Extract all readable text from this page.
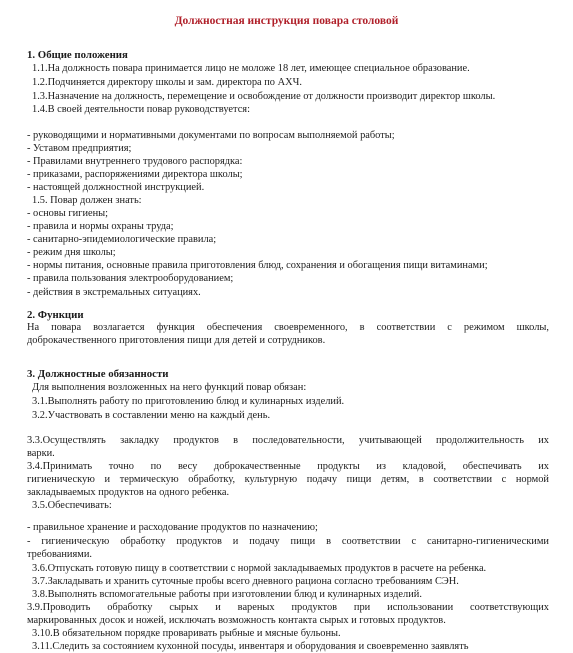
Должностная инструкция повара столовой
1. Общие положения
1.1.На должность повара принимается лицо не моложе 18 лет, имеющее специальное образование.
1.2.Подчиняется директору школы и зам. директора по АХЧ.
1.3.Назначение на должность, перемещение и освобождение от должности производит директор школы.
1.4.В своей деятельности повар руководствуется:
- руководящими и нормативными документами по вопросам выполняемой работы;
- Уставом предприятия;
- Правилами внутреннего трудового распорядка:
- приказами, распоряжениями директора школы;
- настоящей должностной инструкцией.
1.5. Повар должен знать:
- основы гигиены;
- правила и нормы охраны труда;
- санитарно-эпидемиологические правила;
- режим дня школы;
- нормы питания, основные правила приготовления блюд, сохранения и обогащения пищи витаминами;
- правила пользования электрооборудованием;
- действия в экстремальных ситуациях.
2. Функции
На повара возлагается функция обеспечения своевременного, в соответствии с режимом школы,
доброкачественного приготовления пищи для детей и сотрудников.
3. Должностные обязанности
Для выполнения возложенных на него функций повар обязан:
3.1.Выполнять работу по приготовлению блюд и кулинарных изделий.
3.2.Участвовать в составлении меню на каждый день.
3.3.Осуществлять закладку продуктов в последовательности, учитывающей продолжительность их
варки.
3.4.Принимать точно по весу доброкачественные продукты из кладовой, обеспечивать их
гигиеническую и термическую обработку, культурную подачу пищи детям, в соответствии с нормой
закладываемых продуктов на одного ребенка.
3.5.Обеспечивать:
- правильное хранение и расходование продуктов по назначению;
- гигиеническую обработку продуктов и подачу пищи в соответствии с санитарно-гигиеническими
требованиями.
3.6.Отпускать готовую пищу в соответствии с нормой закладываемых продуктов в расчете на ребенка.
3.7.Закладывать и хранить суточные пробы всего дневного рациона согласно требованиям СЭН.
3.8.Выполнять вспомогательные работы при изготовлении блюд и кулинарных изделий.
3.9.Проводить обработку сырых и вареных продуктов при использовании соответствующих
маркированных досок и ножей, исключать возможность контакта сырых и готовых продуктов.
3.10.В обязательном порядке проваривать рыбные и мясные бульоны.
3.11.Следить за состоянием кухонной посуды, инвентаря и оборудования и своевременно заявлять
